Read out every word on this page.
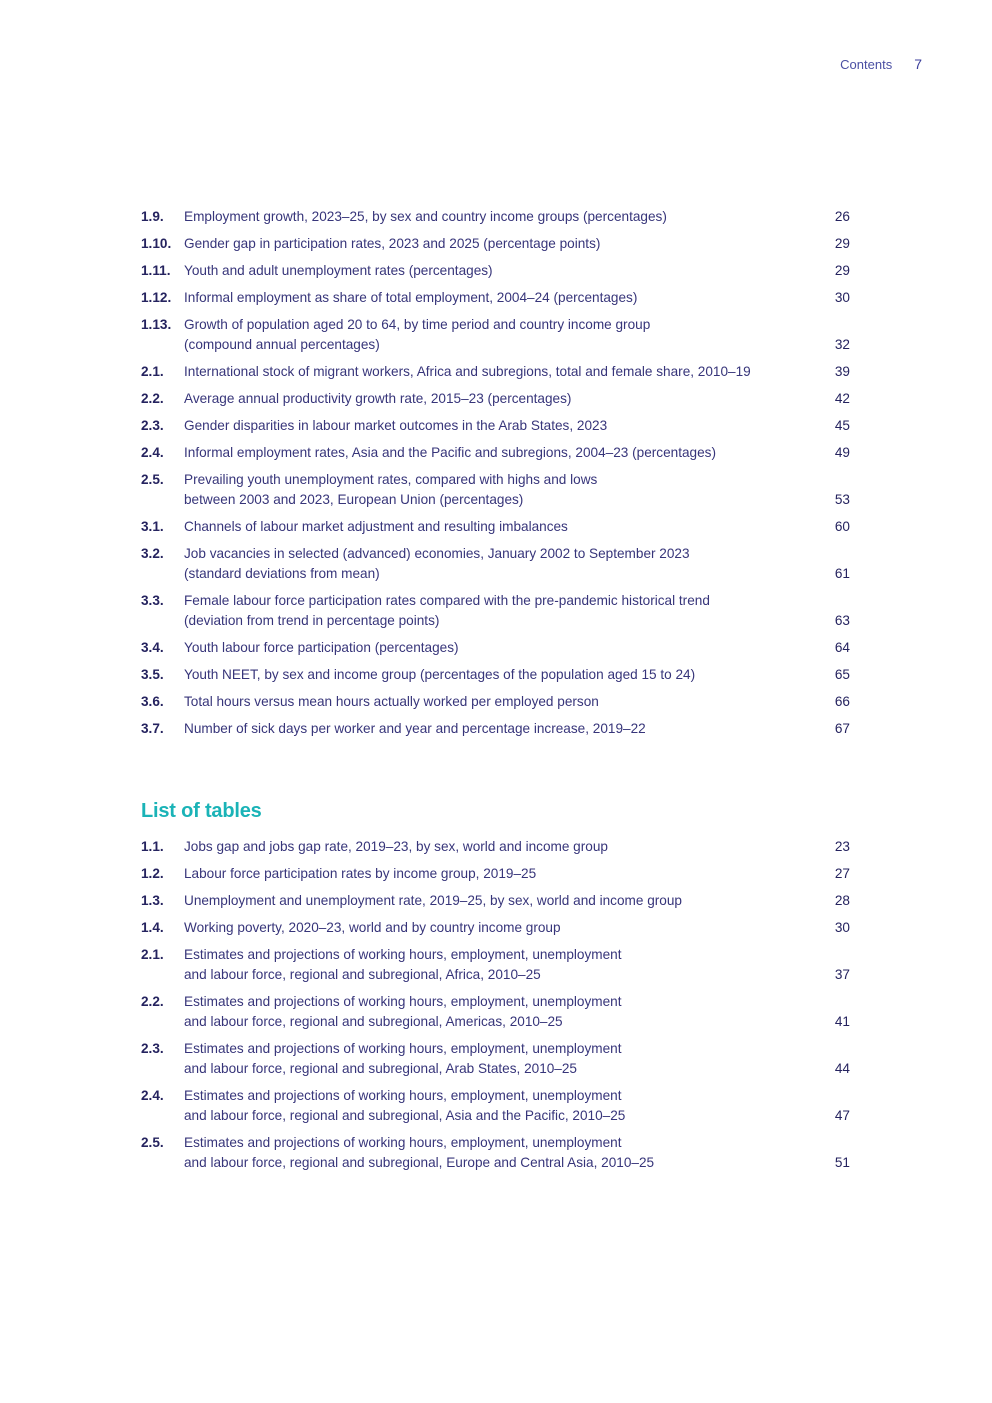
Contents 7
1.9.	Employment growth, 2023–25, by sex and country income groups (percentages)	26
1.10. Gender gap in participation rates, 2023 and 2025 (percentage points)	29
1.11. Youth and adult unemployment rates (percentages)	29
1.12. Informal employment as share of total employment, 2004–24 (percentages)	30
1.13. Growth of population aged 20 to 64, by time period and country income group
(compound annual percentages)	32
2.1.	International stock of migrant workers, Africa and subregions, total and female share, 2010–19	39
2.2.	Average annual productivity growth rate, 2015–23 (percentages)	42
2.3.	Gender disparities in labour market outcomes in the Arab States, 2023	45
2.4.	Informal employment rates, Asia and the Pacific and subregions, 2004–23 (percentages)	49
2.5.	Prevailing youth unemployment rates, compared with highs and lows
between 2003 and 2023, European Union (percentages)	53
3.1.	Channels of labour market adjustment and resulting imbalances	60
3.2.	Job vacancies in selected (advanced) economies, January 2002 to September 2023
(standard deviations from mean)	61
3.3.	Female labour force participation rates compared with the pre-pandemic historical trend
(deviation from trend in percentage points)	63
3.4.	Youth labour force participation (percentages)	64
3.5.	Youth NEET, by sex and income group (percentages of the population aged 15 to 24)	65
3.6.	Total hours versus mean hours actually worked per employed person	66
3.7.	Number of sick days per worker and year and percentage increase, 2019–22	67
List of tables
1.1.	Jobs gap and jobs gap rate, 2019–23, by sex, world and income group	23
1.2.	Labour force participation rates by income group, 2019–25	27
1.3.	Unemployment and unemployment rate, 2019–25, by sex, world and income group	28
1.4.	Working poverty, 2020–23, world and by country income group	30
2.1.	Estimates and projections of working hours, employment, unemployment
and labour force, regional and subregional, Africa, 2010–25	37
2.2.	Estimates and projections of working hours, employment, unemployment
and labour force, regional and subregional, Americas, 2010–25	41
2.3.	Estimates and projections of working hours, employment, unemployment
and labour force, regional and subregional, Arab States, 2010–25	44
2.4.	Estimates and projections of working hours, employment, unemployment
and labour force, regional and subregional, Asia and the Pacific, 2010–25	47
2.5.	Estimates and projections of working hours, employment, unemployment
and labour force, regional and subregional, Europe and Central Asia, 2010–25	51
